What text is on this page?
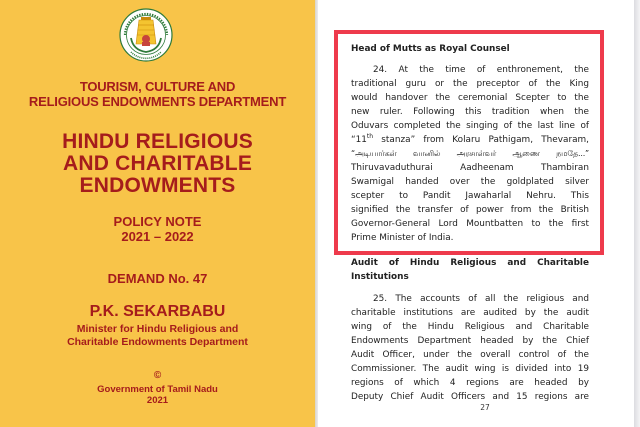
TOURISM, CULTURE AND
RELIGIOUS ENDOWMENTS DEPARTMENT
HINDU RELIGIOUS
AND CHARITABLE
ENDOWMENTS
POLICY NOTE
2021 – 2022
DEMAND No. 47
P.K. SEKARBABU
Minister for Hindu Religious and
Charitable Endowments Department
©
Government of Tamil Nadu
2021
Head of Mutts as Royal Counsel
24. At the time of enthronement, the
traditional guru or the preceptor of the King
would handover the ceremonial Scepter to the
new ruler. Following this tradition when the
Oduvars completed the singing of the last line of
“11th stanza” from Kolaru Pathigam, Thevaram,
“அடியார்கள் வானில் அரசாள்வர் ஆணை நமதே...”
Thiruvavaduthurai Aadheenam Thambiran
Swamigal handed over the goldplated silver
scepter to Pandit Jawaharlal Nehru. This
signified the transfer of power from the British
Governor-General Lord Mountbatten to the first
Prime Minister of India.
Audit of Hindu Religious and Charitable
Institutions
25. The accounts of all the religious and
charitable institutions are audited by the audit
wing of the Hindu Religious and Charitable
Endowments Department headed by the Chief
Audit Officer, under the overall control of the
Commissioner. The audit wing is divided into 19
regions of which 4 regions are headed by
Deputy Chief Audit Officers and 15 regions are
27
